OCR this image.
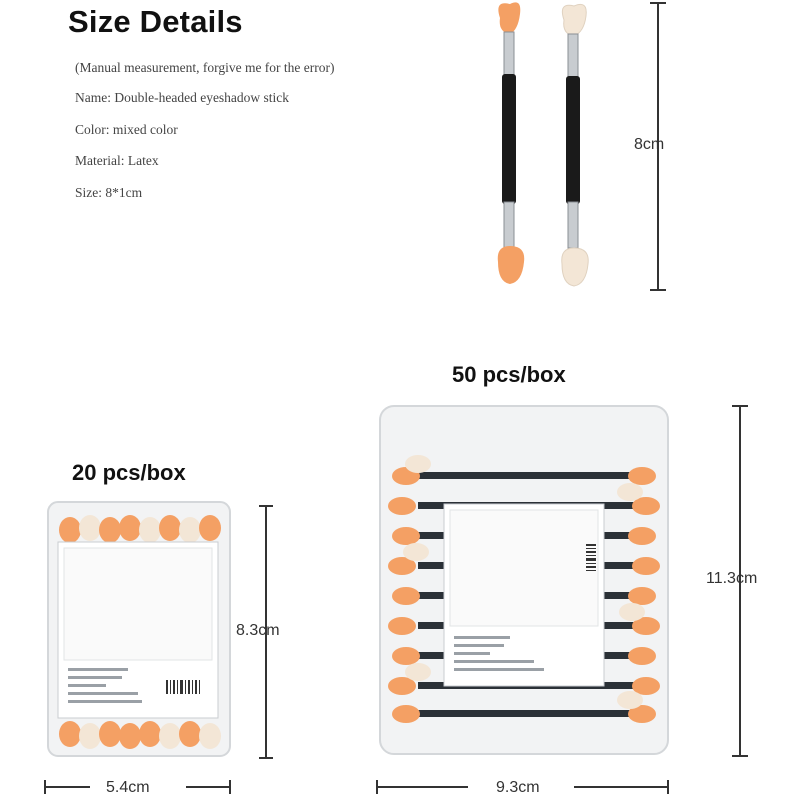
Size Details
(Manual measurement, forgive me for the error)
Name: Double-headed eyeshadow stick
Color: mixed color
Material: Latex
Size: 8*1cm
8cm
20 pcs/box
8.3cm
5.4cm
50 pcs/box
11.3cm
9.3cm
